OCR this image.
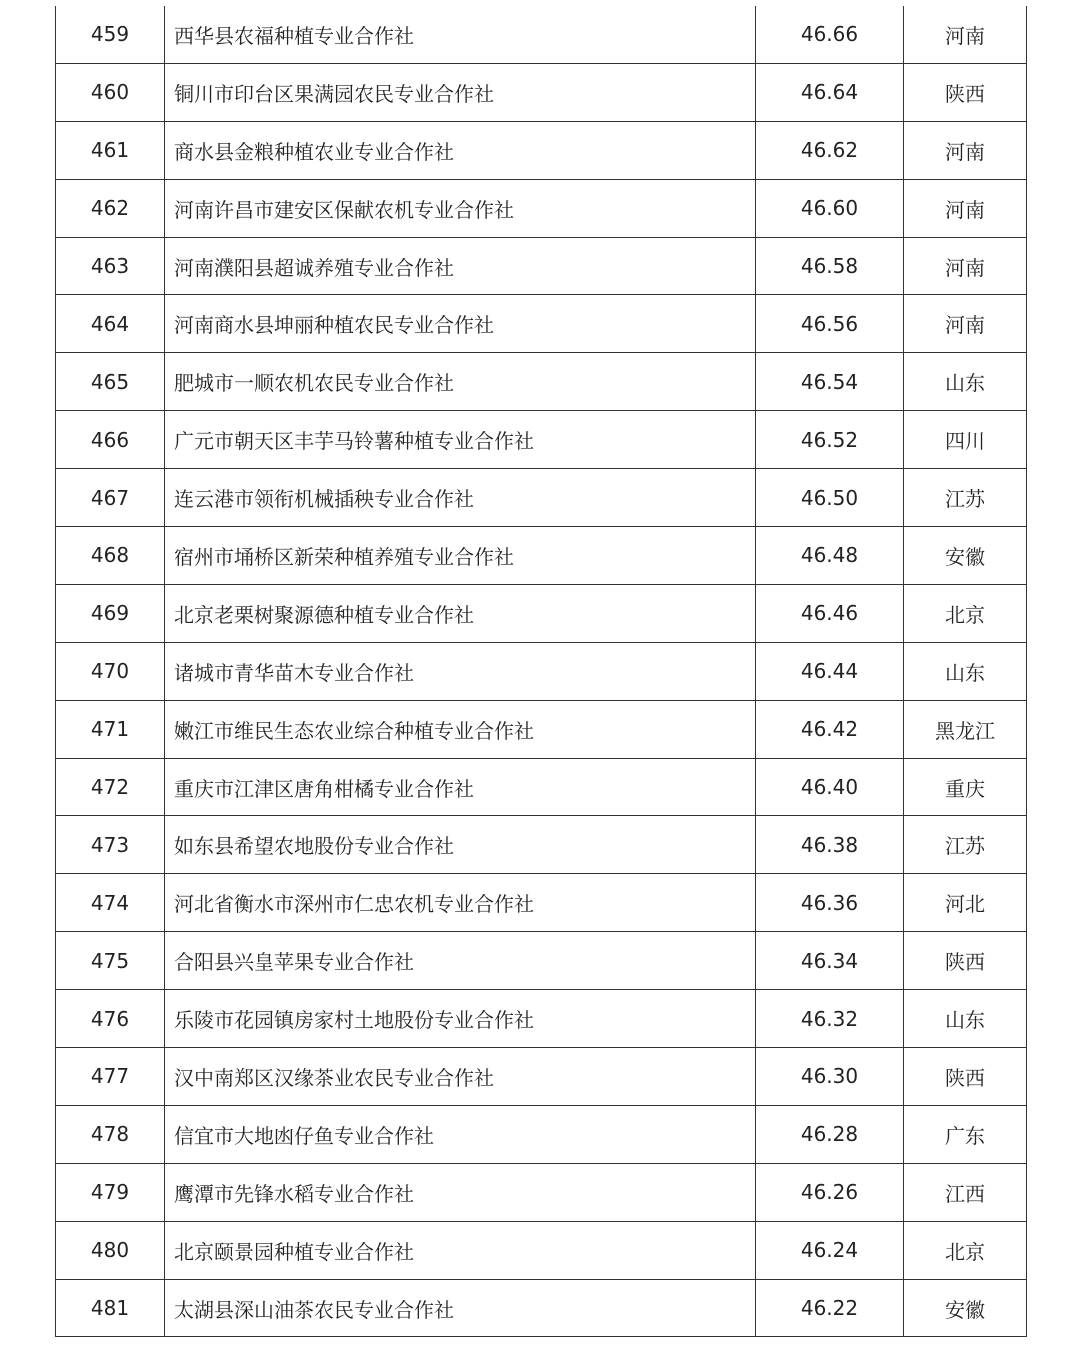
459	西华县农福种植专业合作社	46.66	河南
460	铜川市印台区果满园农民专业合作社	46.64	陕西
461	商水县金粮种植农业专业合作社	46.62	河南
462	河南许昌市建安区保献农机专业合作社	46.60	河南
463	河南濮阳县超诚养殖专业合作社	46.58	河南
464	河南商水县坤丽种植农民专业合作社	46.56	河南
465	肥城市一顺农机农民专业合作社	46.54	山东
466	广元市朝天区丰芋马铃薯种植专业合作社	46.52	四川
467	连云港市领衔机械插秧专业合作社	46.50	江苏
468	宿州市埇桥区新荣种植养殖专业合作社	46.48	安徽
469	北京老栗树聚源德种植专业合作社	46.46	北京
470	诸城市青华苗木专业合作社	46.44	山东
471	嫩江市维民生态农业综合种植专业合作社	46.42	黑龙江
472	重庆市江津区唐角柑橘专业合作社	46.40	重庆
473	如东县希望农地股份专业合作社	46.38	江苏
474	河北省衡水市深州市仁忠农机专业合作社	46.36	河北
475	合阳县兴皇苹果专业合作社	46.34	陕西
476	乐陵市花园镇房家村土地股份专业合作社	46.32	山东
477	汉中南郑区汉缘茶业农民专业合作社	46.30	陕西
478	信宜市大地凼仔鱼专业合作社	46.28	广东
479	鹰潭市先锋水稻专业合作社	46.26	江西
480	北京颐景园种植专业合作社	46.24	北京
481	太湖县深山油茶农民专业合作社	46.22	安徽
